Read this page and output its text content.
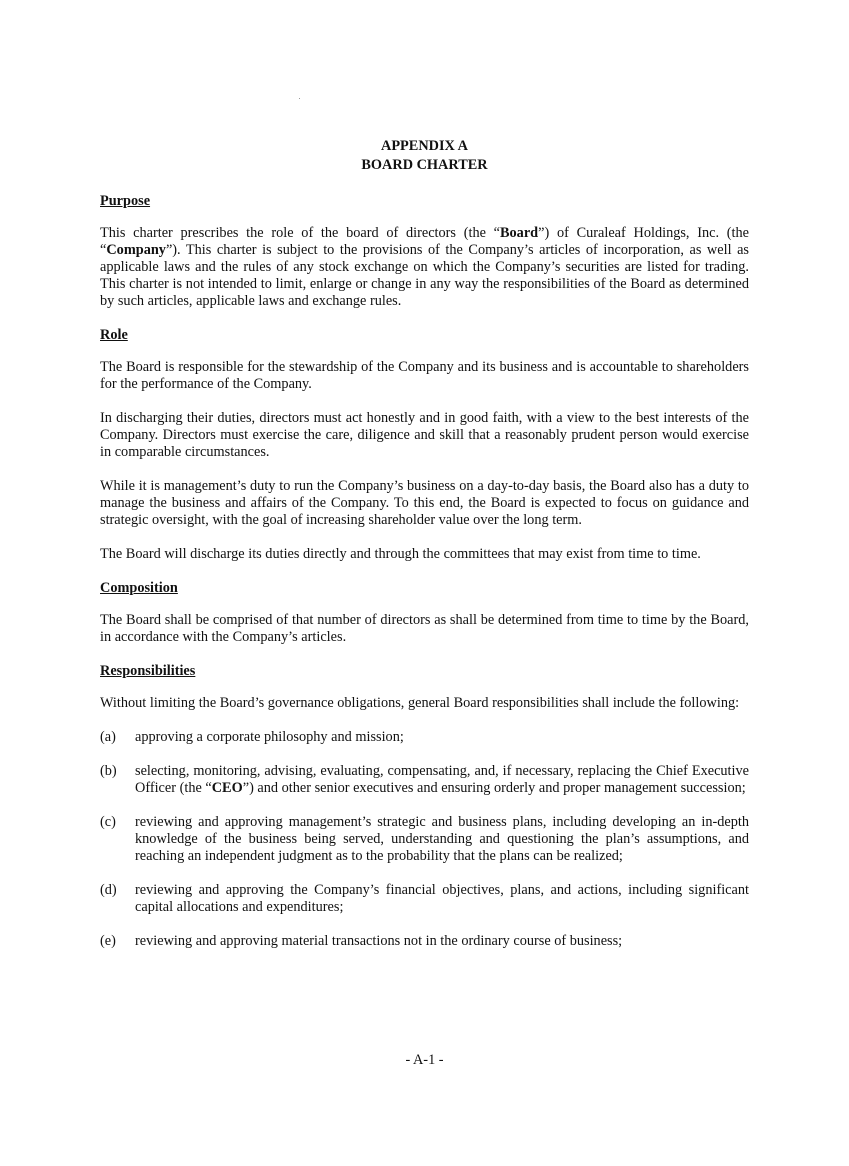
APPENDIX A
BOARD CHARTER
Purpose

This charter prescribes the role of the board of directors (the “Board”) of Curaleaf Holdings, Inc. (the “Company”). This charter is subject to the provisions of the Company’s articles of incorporation, as well as applicable laws and the rules of any stock exchange on which the Company’s securities are listed for trading. This charter is not intended to limit, enlarge or change in any way the responsibilities of the Board as determined by such articles, applicable laws and exchange rules.

Role

The Board is responsible for the stewardship of the Company and its business and is accountable to shareholders for the performance of the Company.

In discharging their duties, directors must act honestly and in good faith, with a view to the best interests of the Company. Directors must exercise the care, diligence and skill that a reasonably prudent person would exercise in comparable circumstances.

While it is management’s duty to run the Company’s business on a day-to-day basis, the Board also has a duty to manage the business and affairs of the Company. To this end, the Board is expected to focus on guidance and strategic oversight, with the goal of increasing shareholder value over the long term.

The Board will discharge its duties directly and through the committees that may exist from time to time.

Composition

The Board shall be comprised of that number of directors as shall be determined from time to time by the Board, in accordance with the Company’s articles.

Responsibilities

Without limiting the Board’s governance obligations, general Board responsibilities shall include the following:

(a)	approving a corporate philosophy and mission;
(b)	selecting, monitoring, advising, evaluating, compensating, and, if necessary, replacing the Chief Executive Officer (the “CEO”) and other senior executives and ensuring orderly and proper management succession;
(c)	reviewing and approving management’s strategic and business plans, including developing an in-depth knowledge of the business being served, understanding and questioning the plan’s assumptions, and reaching an independent judgment as to the probability that the plans can be realized;
(d)	reviewing and approving the Company’s financial objectives, plans, and actions, including significant capital allocations and expenditures;
(e)	reviewing and approving material transactions not in the ordinary course of business;
- A-1 -
